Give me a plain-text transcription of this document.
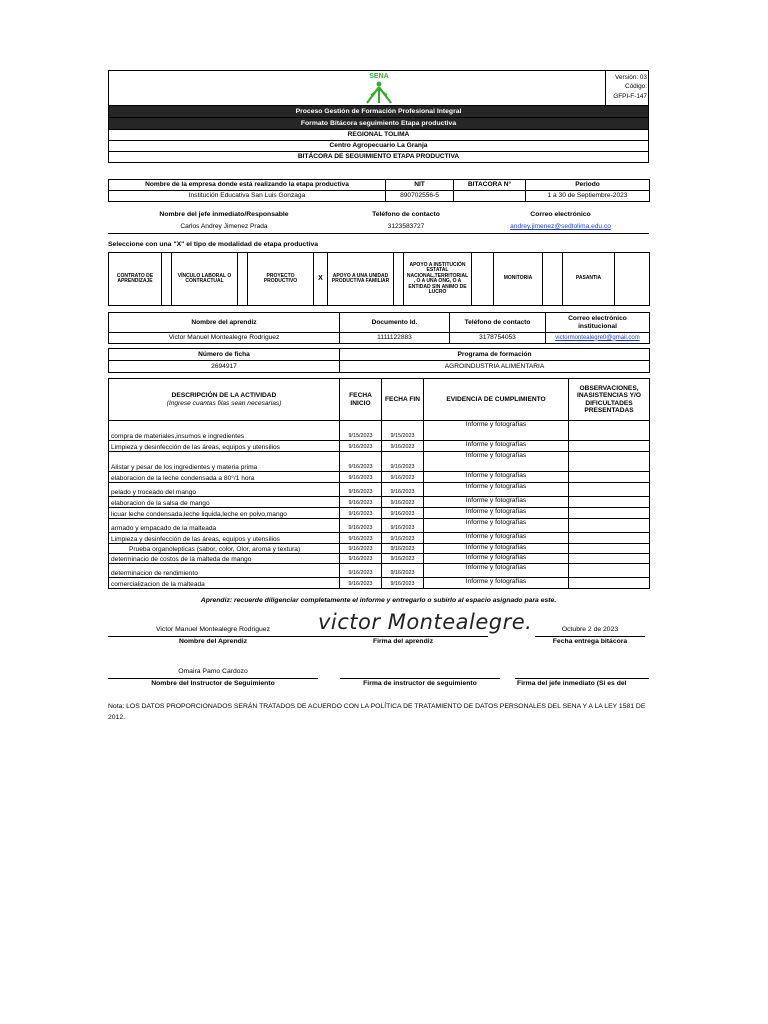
SENA	Versión: 03
Código:
GFPI-F-147
Proceso Gestión de Formación Profesional Integral
Formato Bitácora seguimiento Etapa productiva
REGIONAL TOLIMA
Centro Agropecuario La Granja
BITÁCORA DE SEGUIMIENTO ETAPA PRODUCTIVA
Nombre de la empresa donde está realizando la etapa productiva	NIT	BITACORA N°	Periodo
Institución Educativa San Luis Gonzaga	890702556-5		1 a 30 de Septiembre-2023
Nombre del jefe inmediato/Responsable	Teléfono de contacto	Correo electrónico
Carlos Andrey Jimenez Prada	3123583727	andrey.jimenez@sedtolima.edu.co
Seleccione con una "X" el tipo de modalidad de etapa productiva
CONTRATO DE APRENDIZAJE		VÍNCULO LABORAL O CONTRACTUAL		PROYECTO PRODUCTIVO	X	APOYO A UNA UNIDAD PRODUCTIVA FAMILIAR		APOYO A INSTITUCIÓN ESTATAL NACIONAL,TERRITORIAL , O A UNA ONG, O A ENTIDAD SIN ANIMO DE LUCRO		MONITORIA		PASANTIA	
Nombre del aprendiz	Documento Id.	Teléfono de contacto	Correo electrónico institucional
Victor Manuel Montealegre Rodriguez	1111122883	3178754053	victormontealegre0@gmail.com
Número de ficha	Programa de formación
2694917	AGROINDUSTRIA ALIMENTARIA
DESCRIPCIÓN DE LA ACTIVIDAD
(Ingrese cuantas filas sean necesarias)	FECHA INICIO	FECHA FIN	EVIDENCIA DE CUMPLIMIENTO	OBSERVACIONES, INASISTENCIAS Y/O DIFICULTADES PRESENTADAS
compra de materiales,insumos e ingredientes	9/15/2023	9/15/2023	Informe y fotografías	
Limpieza y desinfección de las áreas, equipos y utensilios	9/16/2023	9/16/2023	Informe y fotografías	
Alistar y pesar de los ingredientes y materia prima	9/16/2023	9/16/2023	Informe y fotografías	
elaboracion de la leche condensada a 80°/1 hora	9/16/2023	9/16/2023	Informe y fotografías	
pelado y troceado del mango	9/16/2023	9/16/2023	Informe y fotografías	
elaboracion de la salsa de mango	9/16/2023	9/16/2023	Informe y fotografías	
licuar leche condensada,leche liquida,leche en polvo,mango	9/16/2023	9/16/2023	Informe y fotografías	
armado y empacado de la malteada	9/16/2023	9/16/2023	Informe y fotografías	
Limpieza y desinfección de las áreas, equipos y utensilios	9/16/2023	9/16/2023	Informe y fotografías	
Prueba organolepticas (sabor, color, Olor, aroma y textura)	9/16/2023	9/16/2023	Informe y fotografías	
determinacio de costos de la malteda de mango	9/16/2023	9/16/2023	Informe y fotografías	
determinacion de rendimiento	9/16/2023	9/16/2023	Informe y fotografías	
comercializacion de la malteada	9/16/2023	9/16/2023	Informe y fotografías	
Aprendiz: recuerde diligenciar completamente el informe y entregarlo o subirlo al espacio asignado para este.
Victor Manuel Montealegre Rodriguez
Nombre del Aprendiz
victor Montealegre.
Firma del aprendiz
Octubre 2 de 2023
Fecha entrega bitácora
Omaira Pamo Cardozo
Nombre del Instructor de Seguimiento	Firma de instructor de seguimiento	Firma del jefe inmediato (Si es del
Nota: LOS DATOS PROPORCIONADOS SERÁN TRATADOS DE ACUERDO CON LA POLÍTICA DE TRATAMIENTO DE DATOS PERSONALES DEL SENA Y A LA LEY 1581 DE 2012.
